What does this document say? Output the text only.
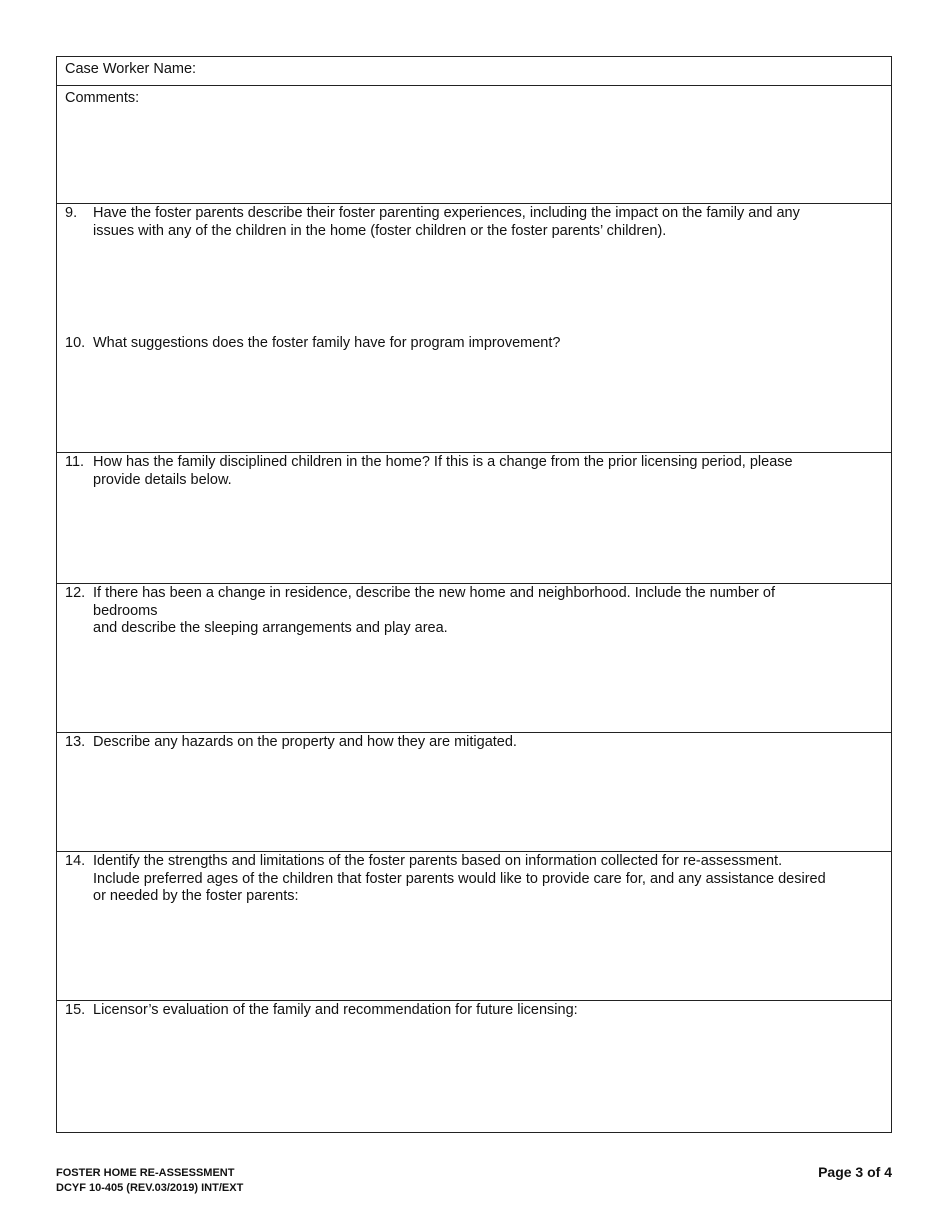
Case Worker Name:
Comments:
9.	Have the foster parents describe their foster parenting experiences, including the impact on the family and any
issues with any of the children in the home (foster children or the foster parents’ children).
10. What suggestions does the foster family have for program improvement?
11. How has the family disciplined children in the home? If this is a change from the prior licensing period, please
provide details below.
12. If there has been a change in residence, describe the new home and neighborhood. Include the number of
bedrooms
and describe the sleeping arrangements and play area.
13. Describe any hazards on the property and how they are mitigated.
14. Identify the strengths and limitations of the foster parents based on information collected for re-assessment.
Include preferred ages of the children that foster parents would like to provide care for, and any assistance desired
or needed by the foster parents:
15. Licensor’s evaluation of the family and recommendation for future licensing:
FOSTER HOME RE-ASSESSMENT
DCYF 10-405 (REV.03/2019) INT/EXT
Page 3 of 4
